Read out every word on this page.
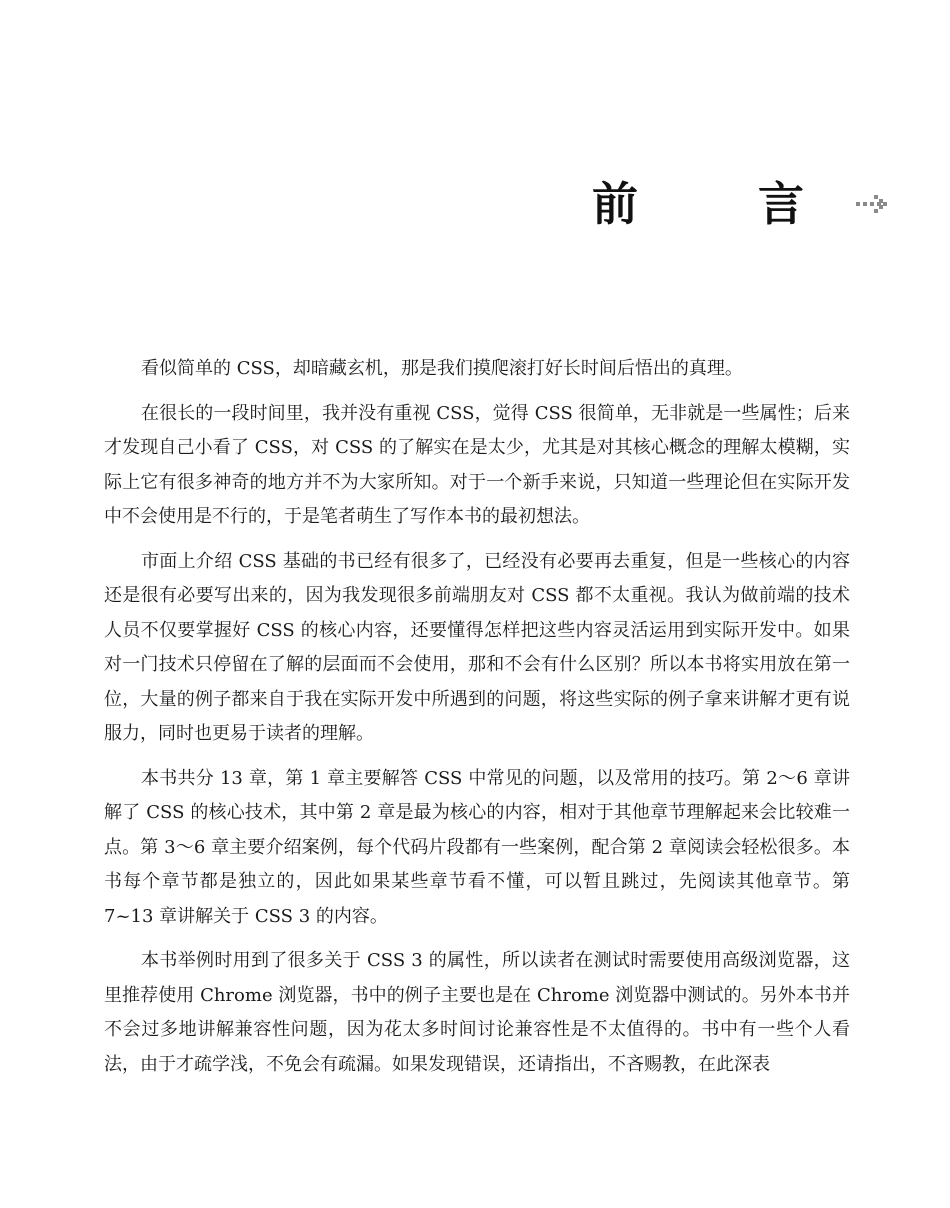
前 言

看似简单的 CSS，却暗藏玄机，那是我们摸爬滚打好长时间后悟出的真理。

在很长的一段时间里，我并没有重视 CSS，觉得 CSS 很简单，无非就是一些属性；后来才发现自己小看了 CSS，对 CSS 的了解实在是太少，尤其是对其核心概念的理解太模糊，实际上它有很多神奇的地方并不为大家所知。对于一个新手来说，只知道一些理论但在实际开发中不会使用是不行的，于是笔者萌生了写作本书的最初想法。

市面上介绍 CSS 基础的书已经有很多了，已经没有必要再去重复，但是一些核心的内容还是很有必要写出来的，因为我发现很多前端朋友对 CSS 都不太重视。我认为做前端的技术人员不仅要掌握好 CSS 的核心内容，还要懂得怎样把这些内容灵活运用到实际开发中。如果对一门技术只停留在了解的层面而不会使用，那和不会有什么区别？所以本书将实用放在第一位，大量的例子都来自于我在实际开发中所遇到的问题，将这些实际的例子拿来讲解才更有说服力，同时也更易于读者的理解。

本书共分 13 章，第 1 章主要解答 CSS 中常见的问题，以及常用的技巧。第 2～6 章讲解了 CSS 的核心技术，其中第 2 章是最为核心的内容，相对于其他章节理解起来会比较难一点。第 3～6 章主要介绍案例，每个代码片段都有一些案例，配合第 2 章阅读会轻松很多。本书每个章节都是独立的，因此如果某些章节看不懂，可以暂且跳过，先阅读其他章节。第 7~13 章讲解关于 CSS 3 的内容。

本书举例时用到了很多关于 CSS 3 的属性，所以读者在测试时需要使用高级浏览器，这里推荐使用 Chrome 浏览器，书中的例子主要也是在 Chrome 浏览器中测试的。另外本书并不会过多地讲解兼容性问题，因为花太多时间讨论兼容性是不太值得的。书中有一些个人看法，由于才疏学浅，不免会有疏漏。如果发现错误，还请指出，不吝赐教，在此深表
